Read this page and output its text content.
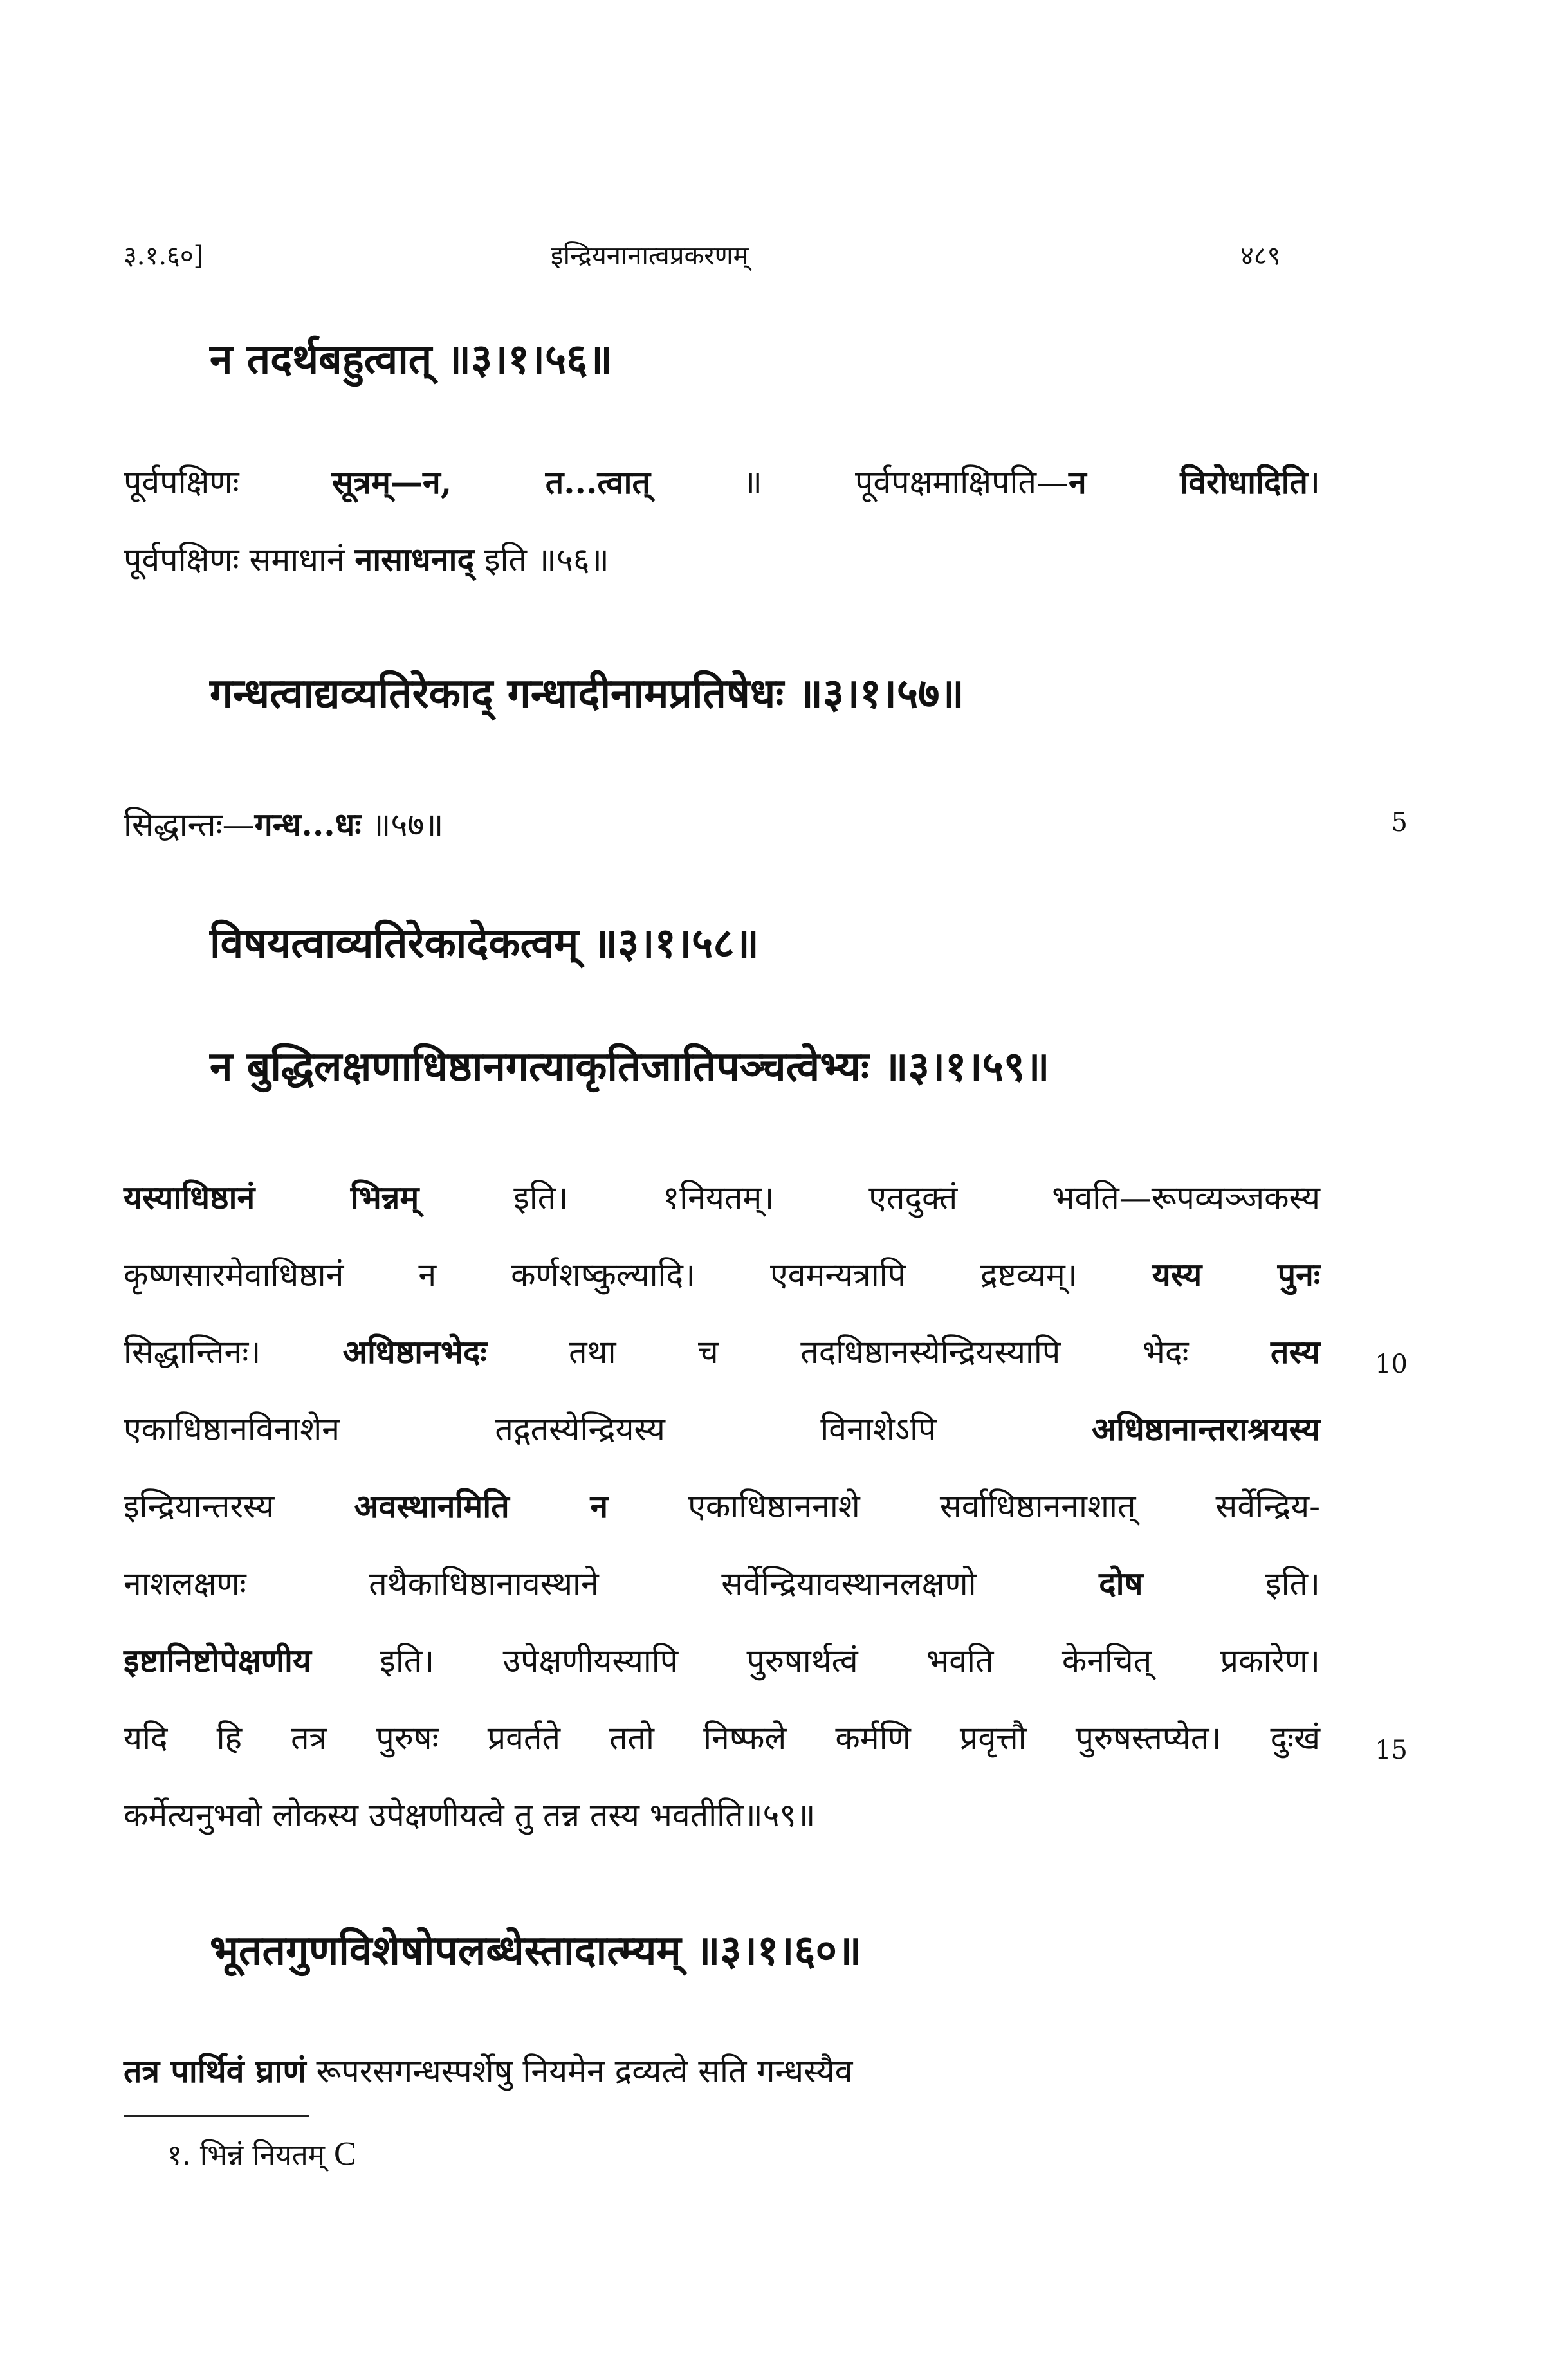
३.१.६०]	इन्द्रियनानात्वप्रकरणम्	४८९
न तदर्थबहुत्वात् ॥३।१।५६॥
पूर्वपक्षिणः सूत्रम्—न, त...त्वात् ॥ पूर्वपक्षमाक्षिपति—न विरोधादिति।
पूर्वपक्षिणः समाधानं नासाधनाद् इति ॥५६॥
गन्धत्वाद्यव्यतिरेकाद् गन्धादीनामप्रतिषेधः ॥३।१।५७॥
सिद्धान्तः—गन्ध...धः ॥५७॥	5
विषयत्वाव्यतिरेकादेकत्वम् ॥३।१।५८॥
न बुद्धिलक्षणाधिष्ठानगत्याकृतिजातिपञ्चत्वेभ्यः ॥३।१।५९॥
यस्याधिष्ठानं भिन्नम् इति। १नियतम्। एतदुक्तं भवति—रूपव्यञ्जकस्य
कृष्णसारमेवाधिष्ठानं न कर्णशष्कुल्यादि। एवमन्यत्रापि द्रष्टव्यम्। यस्य पुनः
सिद्धान्तिनः। अधिष्ठानभेदः तथा च तदधिष्ठानस्येन्द्रियस्यापि भेदः तस्य
एकाधिष्ठानविनाशेन तद्गतस्येन्द्रियस्य विनाशेऽपि अधिष्ठानान्तराश्रयस्य
इन्द्रियान्तरस्य अवस्थानमिति न एकाधिष्ठाननाशे सर्वाधिष्ठाननाशात् सर्वेन्द्रिय-
नाशलक्षणः तथैकाधिष्ठानावस्थाने सर्वेन्द्रियावस्थानलक्षणो दोष इति।
इष्टानिष्टोपेक्षणीय इति। उपेक्षणीयस्यापि पुरुषार्थत्वं भवति केनचित् प्रकारेण।
यदि हि तत्र पुरुषः प्रवर्तते ततो निष्फले कर्मणि प्रवृत्तौ पुरुषस्तप्येत। दुःखं
कर्मेत्यनुभवो लोकस्य उपेक्षणीयत्वे तु तन्न तस्य भवतीति॥५९॥
10
15
भूततगुणविशेषोपलब्धेस्तादात्म्यम् ॥३।१।६०॥
तत्र पार्थिवं घ्राणं रूपरसगन्धस्पर्शेषु नियमेन द्रव्यत्वे सति गन्धस्यैव
१. भिन्नं नियतम् C
